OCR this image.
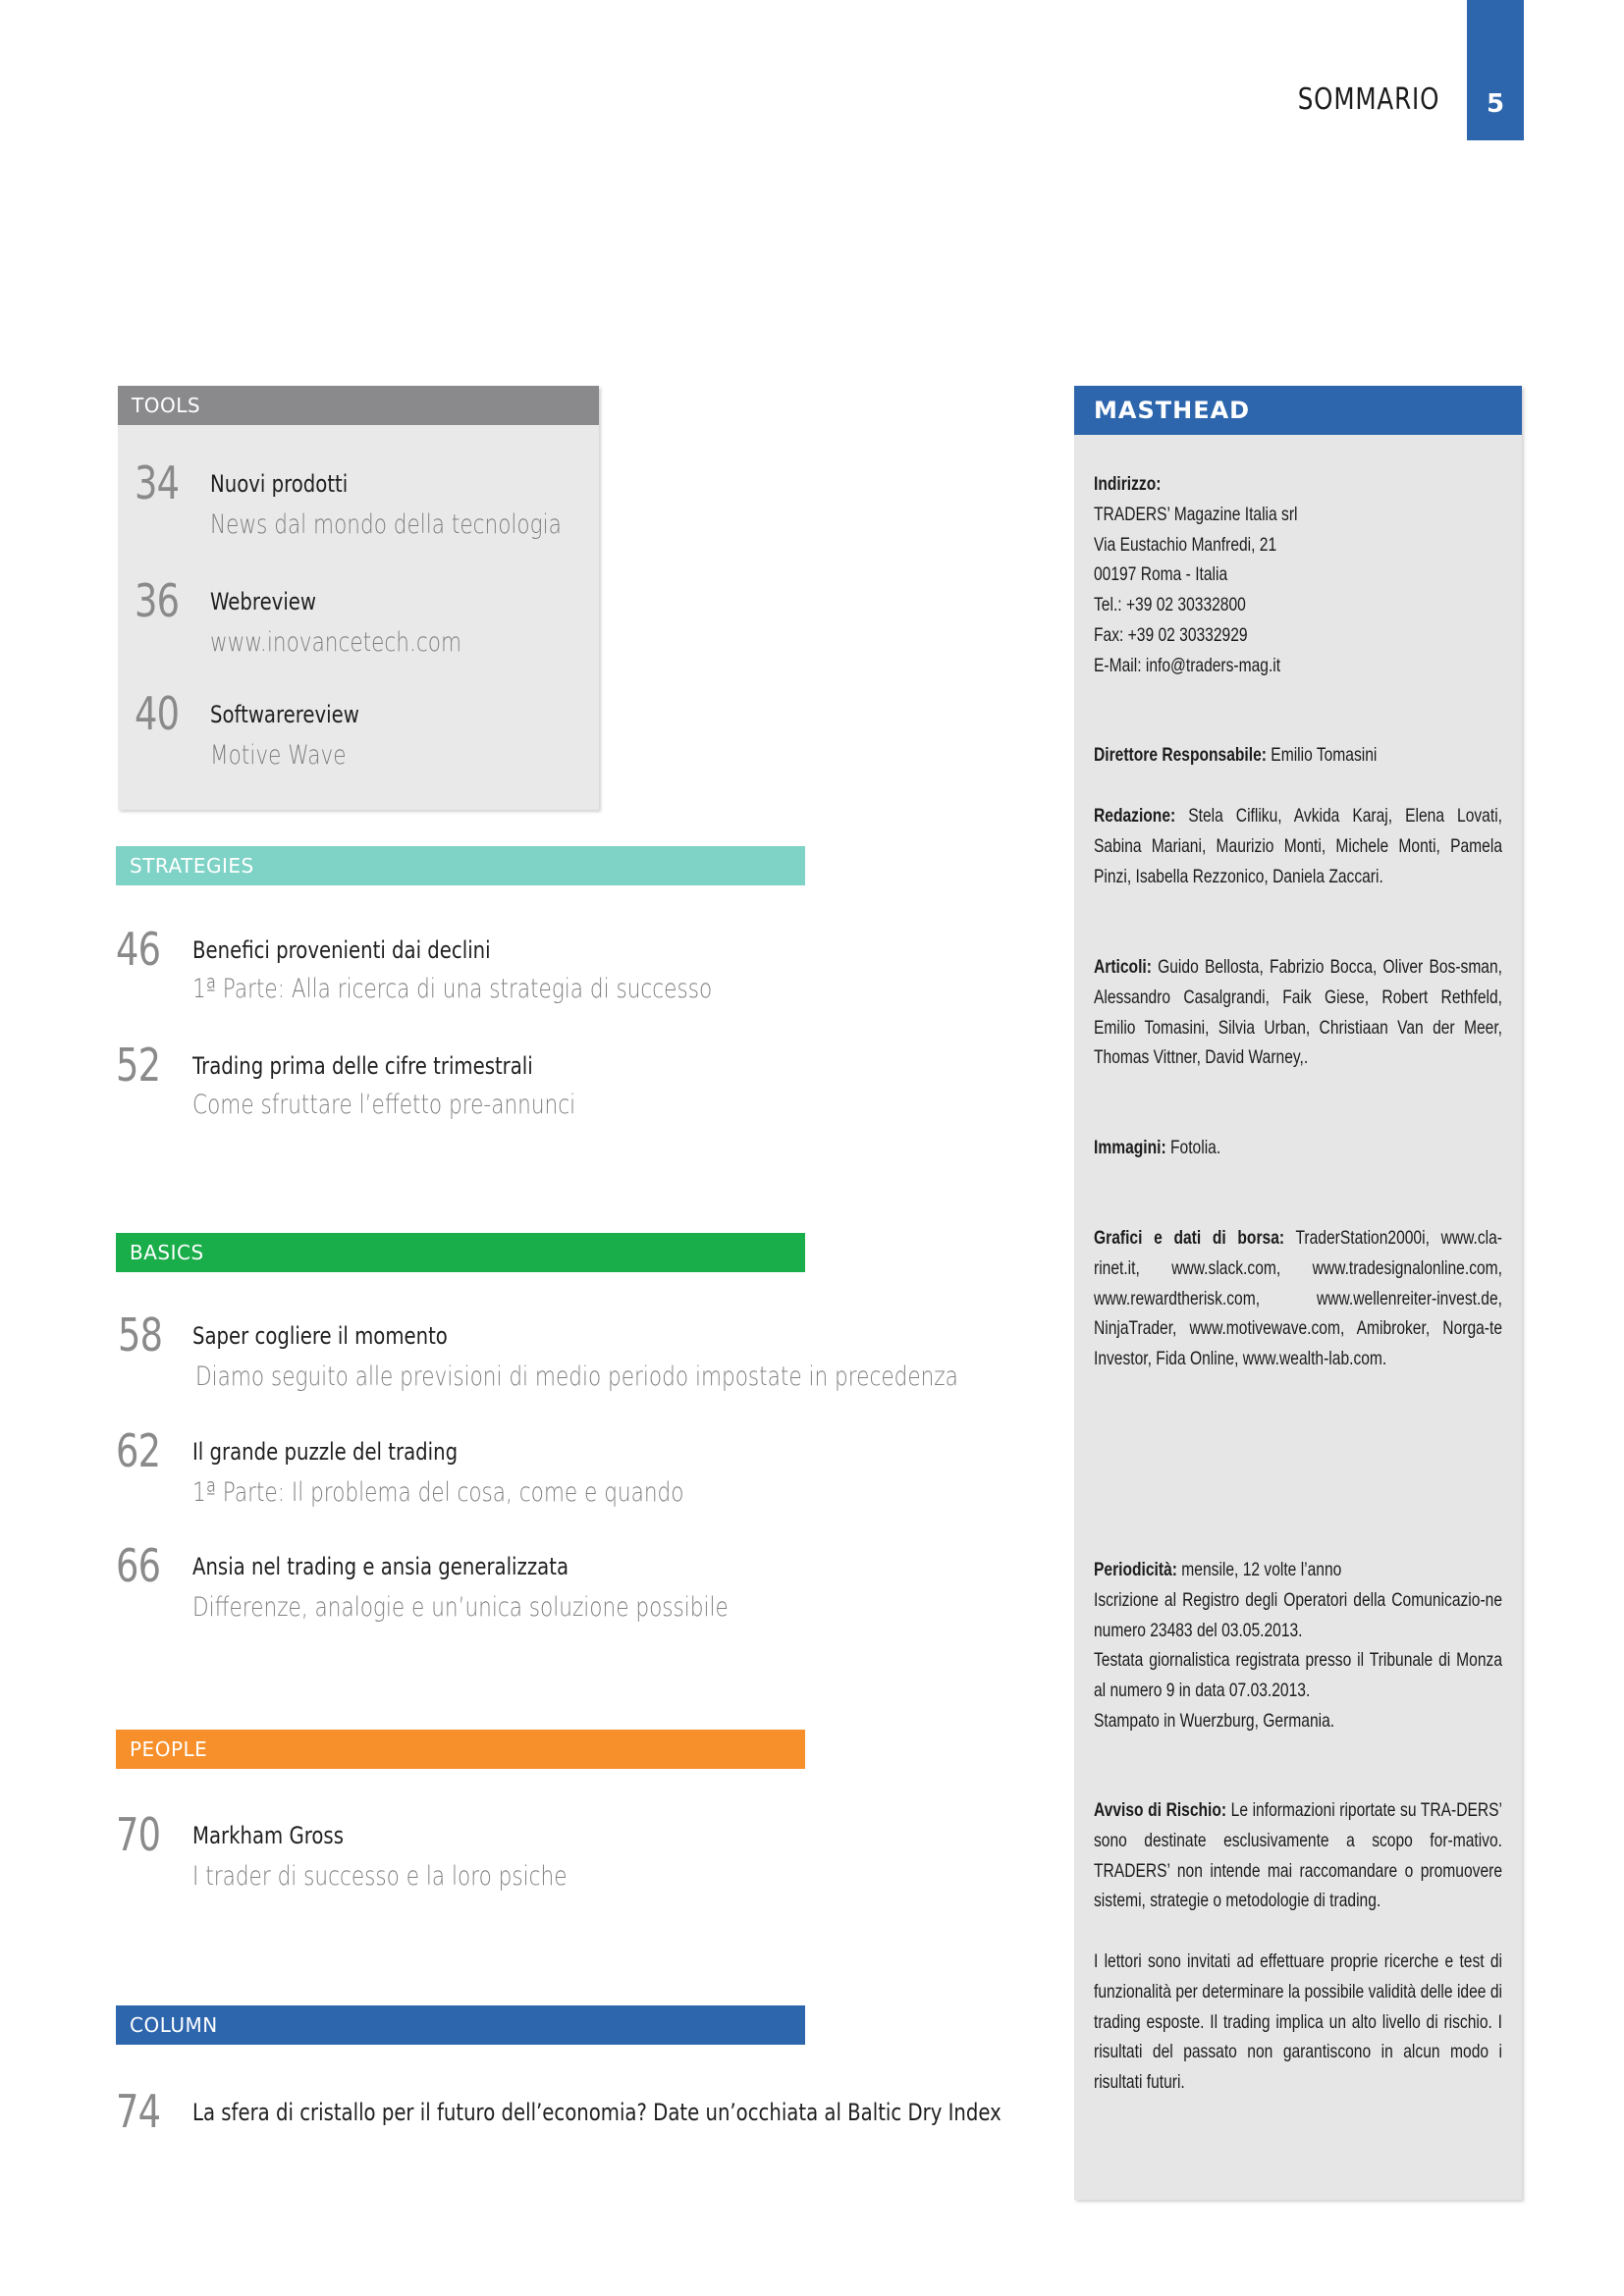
SOMMARIO 5
TOOLS
34 Nuovi prodotti
News dal mondo della tecnologia
36 Webreview
www.inovancetech.com
40 Softwarereview
Motive Wave
STRATEGIES
46 Benefici provenienti dai declini
1ª Parte: Alla ricerca di una strategia di successo
52 Trading prima delle cifre trimestrali
Come sfruttare l’effetto pre-annunci
BASICS
58 Saper cogliere il momento
Diamo seguito alle previsioni di medio periodo impostate in precedenza
62 Il grande puzzle del trading
1ª Parte: Il problema del cosa, come e quando
66 Ansia nel trading e ansia generalizzata
Differenze, analogie e un’unica soluzione possibile
PEOPLE
70 Markham Gross
I trader di successo e la loro psiche
COLUMN
74 La sfera di cristallo per il futuro dell’economia? Date un’occhiata al Baltic Dry Index
MASTHEAD

Indirizzo:

TRADERS’ Magazine Italia srl

Via Eustachio Manfredi, 21

00197 Roma - Italia

Tel.: +39 02 30332800

Fax: +39 02 30332929

E-Mail: info@traders-mag.it

Direttore Responsabile: Emilio Tomasini

Redazione: Stela Cifliku, Avkida Karaj, Elena Lovati, Sabina Mariani, Maurizio Monti, Michele Monti, Pamela Pinzi, Isabella Rezzonico, Daniela Zaccari.

Articoli: Guido Bellosta, Fabrizio Bocca, Oliver Bos-sman, Alessandro Casalgrandi, Faik Giese, Robert Rethfeld, Emilio Tomasini, Silvia Urban, Christiaan Van der Meer, Thomas Vittner, David Warney,.

Immagini: Fotolia.

Grafici e dati di borsa: TraderStation2000i, www.cla-rinet.it, www.slack.com, www.tradesignalonline.com, www.rewardtherisk.com, www.wellenreiter-invest.de, NinjaTrader, www.motivewave.com, Amibroker, Norga-te Investor, Fida Online, www.wealth-lab.com.

Periodicità: mensile, 12 volte l’anno

Iscrizione al Registro degli Operatori della Comunicazio-ne numero 23483 del 03.05.2013.

Testata giornalistica registrata presso il Tribunale di Monza al numero 9 in data 07.03.2013.

Stampato in Wuerzburg, Germania.

Avviso di Rischio: Le informazioni riportate su TRA-DERS’ sono destinate esclusivamente a scopo for-mativo. TRADERS’ non intende mai raccomandare o promuovere sistemi, strategie o metodologie di trading.

I lettori sono invitati ad effettuare proprie ricerche e test di funzionalità per determinare la possibile validità delle idee di trading esposte. Il trading implica un alto livello di rischio. I risultati del passato non garantiscono in alcun modo i risultati futuri.
